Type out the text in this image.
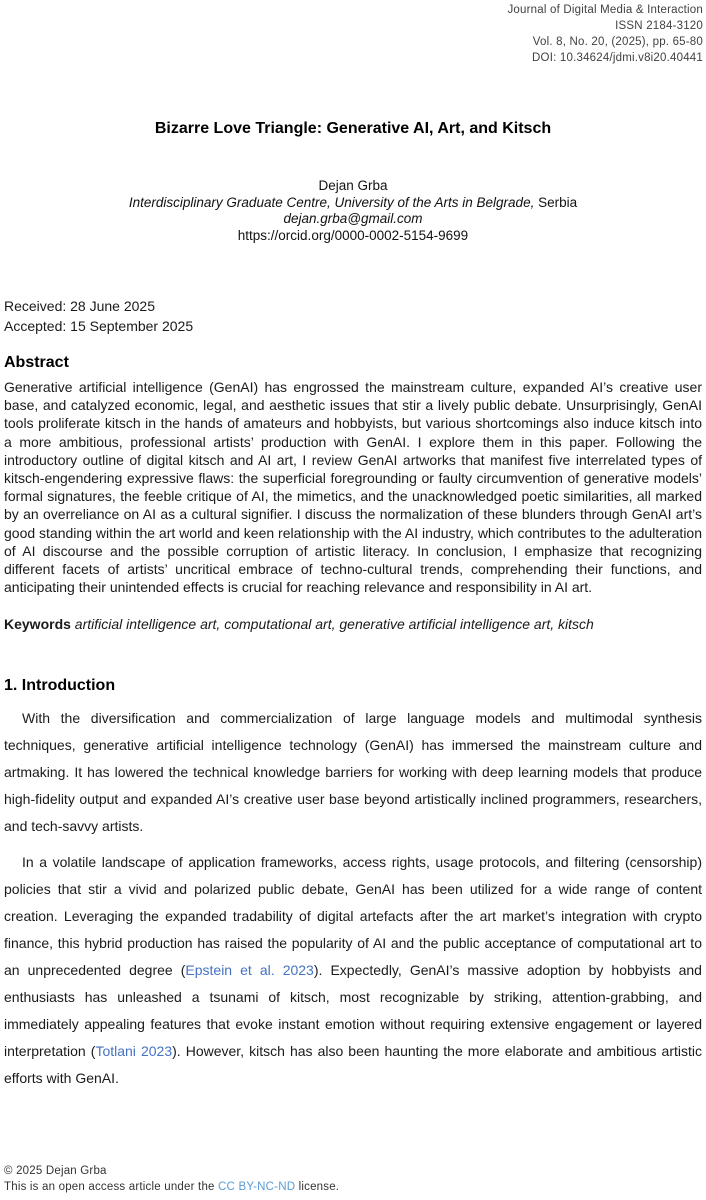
Journal of Digital Media & Interaction
ISSN 2184-3120
Vol. 8, No. 20, (2025), pp. 65-80
DOI: 10.34624/jdmi.v8i20.40441
Bizarre Love Triangle: Generative AI, Art, and Kitsch
Dejan Grba
Interdisciplinary Graduate Centre, University of the Arts in Belgrade, Serbia
dejan.grba@gmail.com
https://orcid.org/0000-0002-5154-9699
Received: 28 June 2025
Accepted: 15 September 2025
Abstract

Generative artificial intelligence (GenAI) has engrossed the mainstream culture, expanded AI’s creative user base, and catalyzed economic, legal, and aesthetic issues that stir a lively public debate. Unsurprisingly, GenAI tools proliferate kitsch in the hands of amateurs and hobbyists, but various shortcomings also induce kitsch into a more ambitious, professional artists’ production with GenAI. I explore them in this paper. Following the introductory outline of digital kitsch and AI art, I review GenAI artworks that manifest five interrelated types of kitsch-engendering expressive flaws: the superficial foregrounding or faulty circumvention of generative models’ formal signatures, the feeble critique of AI, the mimetics, and the unacknowledged poetic similarities, all marked by an overreliance on AI as a cultural signifier. I discuss the normalization of these blunders through GenAI art’s good standing within the art world and keen relationship with the AI industry, which contributes to the adulteration of AI discourse and the possible corruption of artistic literacy. In conclusion, I emphasize that recognizing different facets of artists’ uncritical embrace of techno-cultural trends, comprehending their functions, and anticipating their unintended effects is crucial for reaching relevance and responsibility in AI art.

Keywords artificial intelligence art, computational art, generative artificial intelligence art, kitsch

1. Introduction

With the diversification and commercialization of large language models and multimodal synthesis techniques, generative artificial intelligence technology (GenAI) has immersed the mainstream culture and artmaking. It has lowered the technical knowledge barriers for working with deep learning models that produce high-fidelity output and expanded AI’s creative user base beyond artistically inclined programmers, researchers, and tech-savvy artists.

In a volatile landscape of application frameworks, access rights, usage protocols, and filtering (censorship) policies that stir a vivid and polarized public debate, GenAI has been utilized for a wide range of content creation. Leveraging the expanded tradability of digital artefacts after the art market’s integration with crypto finance, this hybrid production has raised the popularity of AI and the public acceptance of computational art to an unprecedented degree (Epstein et al. 2023). Expectedly, GenAI’s massive adoption by hobbyists and enthusiasts has unleashed a tsunami of kitsch, most recognizable by striking, attention-grabbing, and immediately appealing features that evoke instant emotion without requiring extensive engagement or layered interpretation (Totlani 2023). However, kitsch has also been haunting the more elaborate and ambitious artistic efforts with GenAI.

© 2025 Dejan Grba
This is an open access article under the CC BY-NC-ND license.
